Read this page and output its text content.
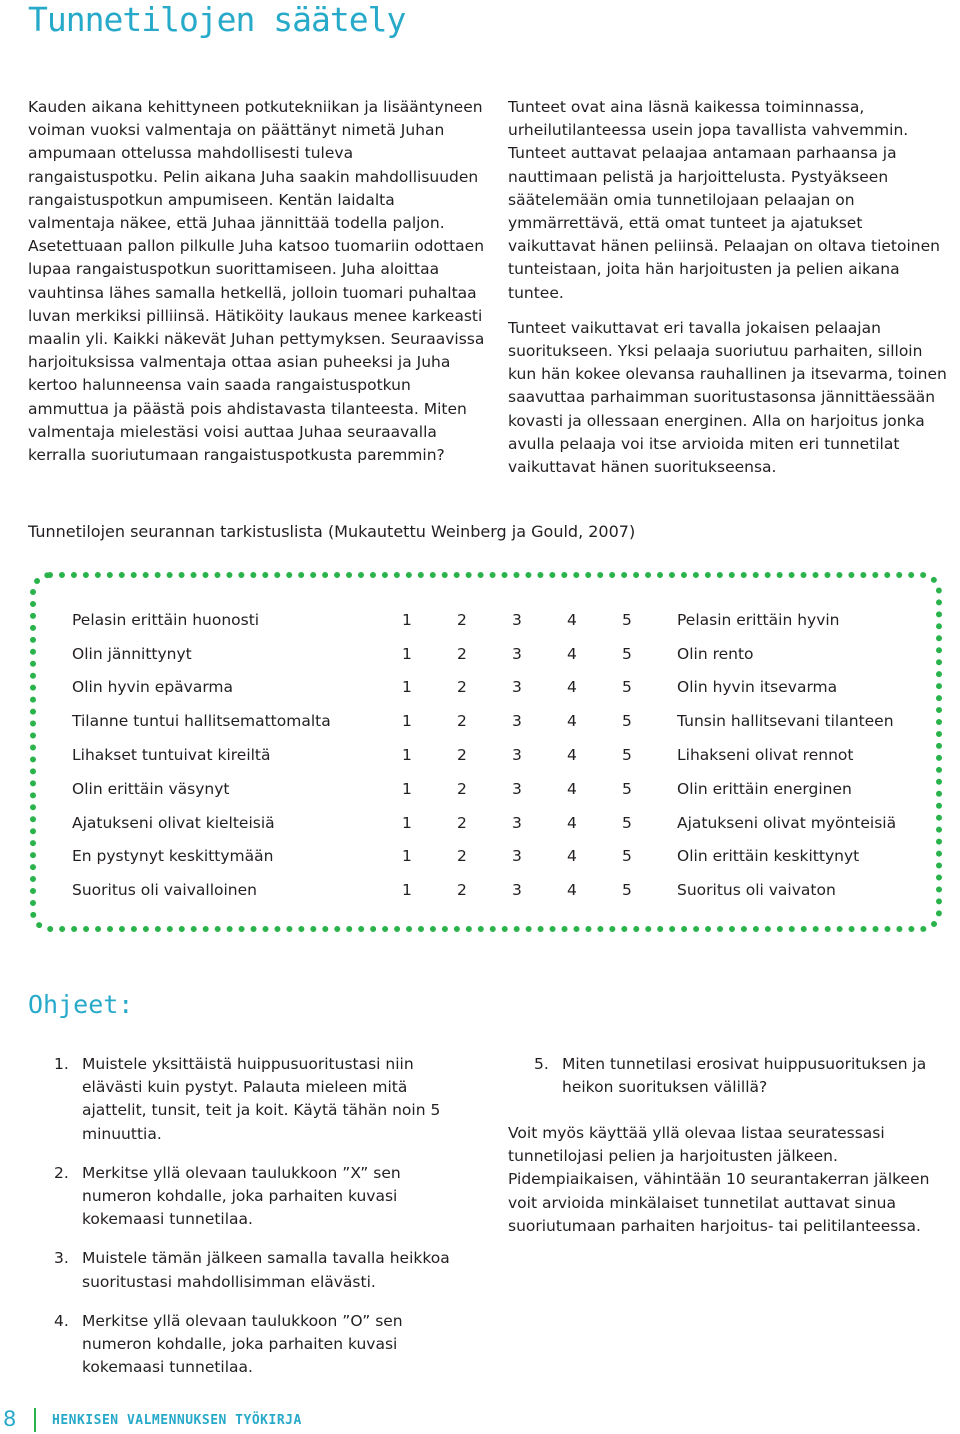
Tunnetilojen säätely

Kauden aikana kehittyneen potkutekniikan ja lisääntyneen voiman vuoksi valmentaja on päättänyt nimetä Juhan ampumaan ottelussa mahdollisesti tuleva rangaistuspotku. Pelin aikana Juha saakin mahdollisuuden rangaistuspotkun ampumiseen. Kentän laidalta valmentaja näkee, että Juhaa jännittää todella paljon. Asetettuaan pallon pilkulle Juha katsoo tuomariin odottaen lupaa rangaistuspotkun suorittamiseen. Juha aloittaa vauhtinsa lähes samalla hetkellä, jolloin tuomari puhaltaa luvan merkiksi pilliinsä. Hätiköity laukaus menee karkeasti maalin yli. Kaikki näkevät Juhan pettymyksen. Seuraavissa harjoituksissa valmentaja ottaa asian puheeksi ja Juha kertoo halunneensa vain saada rangaistuspotkun ammuttua ja päästä pois ahdistavasta tilanteesta. Miten valmentaja mielestäsi voisi auttaa Juhaa seuraavalla kerralla suoriutumaan rangaistuspotkusta paremmin?

Tunteet ovat aina läsnä kaikessa toiminnassa, urheilutilanteessa usein jopa tavallista vahvemmin. Tunteet auttavat pelaajaa antamaan parhaansa ja nauttimaan pelistä ja harjoittelusta. Pystyäkseen säätelemään omia tunnetilojaan pelaajan on ymmärrettävä, että omat tunteet ja ajatukset vaikuttavat hänen peliinsä. Pelaajan on oltava tietoinen tunteistaan, joita hän harjoitusten ja pelien aikana tuntee.

Tunteet vaikuttavat eri tavalla jokaisen pelaajan suoritukseen. Yksi pelaaja suoriutuu parhaiten, silloin kun hän kokee olevansa rauhallinen ja itsevarma, toinen saavuttaa parhaimman suoritustasonsa jännittäessään kovasti ja ollessaan energinen. Alla on harjoitus jonka avulla pelaaja voi itse arvioida miten eri tunnetilat vaikuttavat hänen suoritukseensa.

Tunnetilojen seurannan tarkistuslista (Mukautettu Weinberg ja Gould, 2007)
Pelasin erittäin huonosti	1	2	3	4	5	Pelasin erittäin hyvin
Olin jännittynyt	1	2	3	4	5	Olin rento
Olin hyvin epävarma	1	2	3	4	5	Olin hyvin itsevarma
Tilanne tuntui hallitsemattomalta	1	2	3	4	5	Tunsin hallitsevani tilanteen
Lihakset tuntuivat kireiltä	1	2	3	4	5	Lihakseni olivat rennot
Olin erittäin väsynyt	1	2	3	4	5	Olin erittäin energinen
Ajatukseni olivat kielteisiä	1	2	3	4	5	Ajatukseni olivat myönteisiä
En pystynyt keskittymään	1	2	3	4	5	Olin erittäin keskittynyt
Suoritus oli vaivalloinen	1	2	3	4	5	Suoritus oli vaivaton
Ohjeet:
1. Muistele yksittäistä huippusuoritustasi niin elävästi kuin pystyt. Palauta mieleen mitä ajattelit, tunsit, teit ja koit. Käytä tähän noin 5 minuuttia.
2. Merkitse yllä olevaan taulukkoon ”X” sen numeron kohdalle, joka parhaiten kuvasi kokemaasi tunnetilaa.
3. Muistele tämän jälkeen samalla tavalla heikkoa suoritustasi mahdollisimman elävästi.
4. Merkitse yllä olevaan taulukkoon ”O” sen numeron kohdalle, joka parhaiten kuvasi kokemaasi tunnetilaa.
5. Miten tunnetilasi erosivat huippusuorituksen ja heikon suorituksen välillä?

Voit myös käyttää yllä olevaa listaa seuratessasi tunnetilojasi pelien ja harjoitusten jälkeen. Pidempiaikaisen, vähintään 10 seurantakerran jälkeen voit arvioida minkälaiset tunnetilat auttavat sinua suoriutumaan parhaiten harjoitus- tai pelitilanteessa.

8	HENKISEN VALMENNUKSEN TYÖKIRJA
